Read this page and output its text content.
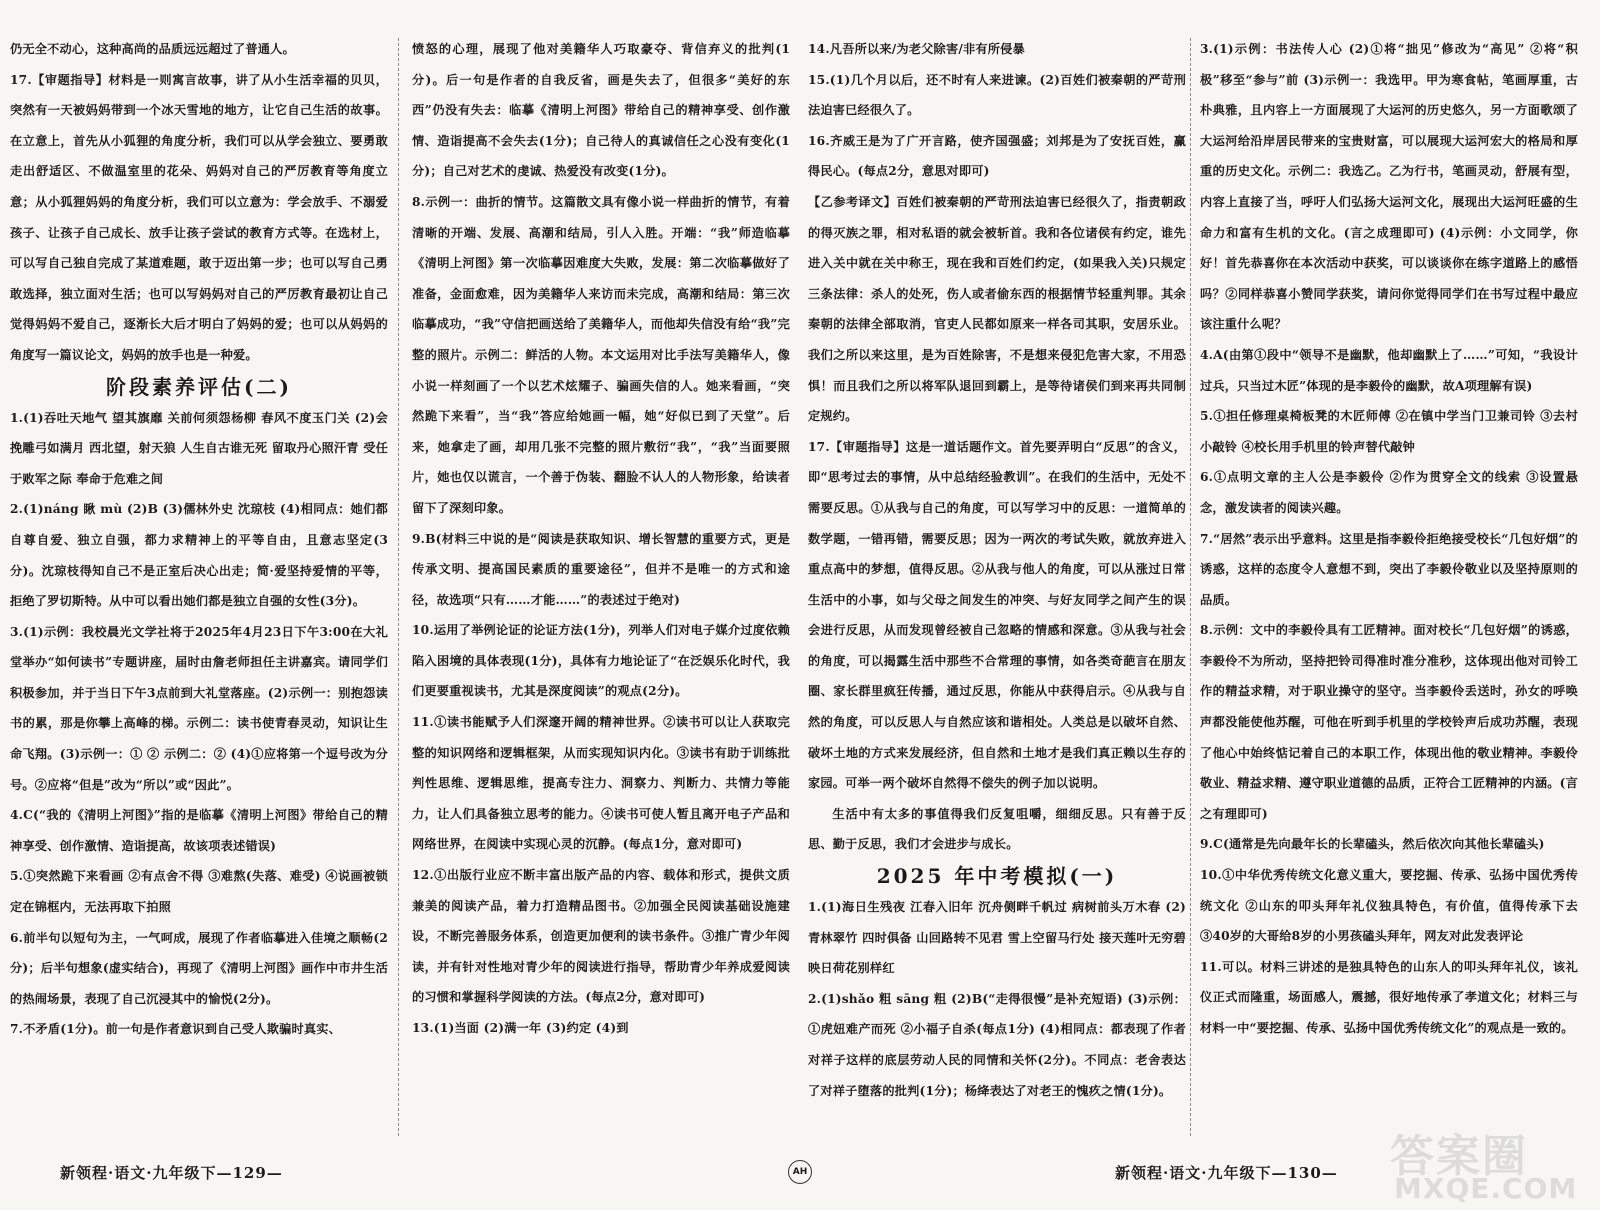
仍无全不动心，这种高尚的品质远远超过了普通人。

17.【审题指导】材料是一则寓言故事，讲了从小生活幸福的贝贝，突然有一天被妈妈带到一个冰天雪地的地方，让它自己生活的故事。在立意上，首先从小狐狸的角度分析，我们可以从学会独立、要勇敢走出舒适区、不做温室里的花朵、妈妈对自己的严厉教育等角度立意；从小狐狸妈妈的角度分析，我们可以立意为：学会放手、不溺爱孩子、让孩子自己成长、放手让孩子尝试的教育方式等。在选材上，可以写自己独自完成了某道难题，敢于迈出第一步；也可以写自己勇敢选择，独立面对生活；也可以写妈妈对自己的严厉教育最初让自己觉得妈妈不爱自己，逐渐长大后才明白了妈妈的爱；也可以从妈妈的角度写一篇议论文，妈妈的放手也是一种爱。

阶段素养评估(二)

1.(1)吞吐天地气 望其旗靡 关前何须怨杨柳 春风不度玉门关 (2)会挽雕弓如满月 西北望，射天狼 人生自古谁无死 留取丹心照汗青 受任于败军之际 奉命于危难之间

2.(1)náng 瞅 mù (2)B (3)儒林外史 沈琼枝 (4)相同点：她们都自尊自爱、独立自强，都力求精神上的平等自由，且意志坚定(3分)。沈琼枝得知自己不是正室后决心出走；简·爱坚持爱情的平等，拒绝了罗切斯特。从中可以看出她们都是独立自强的女性(3分)。

3.(1)示例：我校晨光文学社将于2025年4月23日下午3:00在大礼堂举办“如何读书”专题讲座，届时由詹老师担任主讲嘉宾。请同学们积极参加，并于当日下午3点前到大礼堂落座。(2)示例一：别抱怨读书的累，那是你攀上高峰的梯。示例二：读书使青春灵动，知识让生命飞翔。(3)示例一：① ② 示例二：② (4)①应将第一个逗号改为分号。②应将“但是”改为“所以”或“因此”。

4.C(“我的《清明上河图》”指的是临摹《清明上河图》带给自己的精神享受、创作激情、造诣提高，故该项表述错误)

5.①突然跪下来看画 ②有点舍不得 ③难熬(失落、难受) ④说画被锁定在锦框内，无法再取下拍照

6.前半句以短句为主，一气呵成，展现了作者临摹进入佳境之顺畅(2分)；后半句想象(虚实结合)，再现了《清明上河图》画作中市井生活的热闹场景，表现了自己沉浸其中的愉悦(2分)。

7.不矛盾(1分)。前一句是作者意识到自己受人欺骗时真实、

愤怒的心理，展现了他对美籍华人巧取豪夺、背信弃义的批判(1分)。后一句是作者的自我反省，画是失去了，但很多“美好的东西”仍没有失去：临摹《清明上河图》带给自己的精神享受、创作激情、造诣提高不会失去(1分)；自己待人的真诚信任之心没有变化(1分)；自己对艺术的虔诚、热爱没有改变(1分)。

8.示例一：曲折的情节。这篇散文具有像小说一样曲折的情节，有着清晰的开端、发展、高潮和结局，引人入胜。开端：“我”师造临摹《清明上河图》第一次临摹因难度大失败，发展：第二次临摹做好了准备，金面愈难，因为美籍华人来访而未完成，高潮和结局：第三次临摹成功，“我”守信把画送给了美籍华人，而他却失信没有给“我”完整的照片。示例二：鲜活的人物。本文运用对比手法写美籍华人，像小说一样刻画了一个以艺术炫耀子、骗画失信的人。她来看画，“突然跪下来看”，当“我”答应给她画一幅，她“好似已到了天堂”。后来，她拿走了画，却用几张不完整的照片敷衍“我”，“我”当面要照片，她也仅以谎言，一个善于伪装、翻脸不认人的人物形象，给读者留下了深刻印象。

9.B(材料三中说的是“阅读是获取知识、增长智慧的重要方式，更是传承文明、提高国民素质的重要途径”，但并不是唯一的方式和途径，故选项“只有……才能……”的表述过于绝对)

10.运用了举例论证的论证方法(1分)，列举人们对电子媒介过度依赖陷入困境的具体表现(1分)，具体有力地论证了“在泛娱乐化时代，我们更要重视读书，尤其是深度阅读”的观点(2分)。

11.①读书能赋予人们深邃开阔的精神世界。②读书可以让人获取完整的知识网络和逻辑框架，从而实现知识内化。③读书有助于训练批判性思维、逻辑思维，提高专注力、洞察力、判断力、共情力等能力，让人们具备独立思考的能力。④读书可使人暂且离开电子产品和网络世界，在阅读中实现心灵的沉静。(每点1分，意对即可)

12.①出版行业应不断丰富出版产品的内容、载体和形式，提供文质兼美的阅读产品，着力打造精品图书。②加强全民阅读基础设施建设，不断完善服务体系，创造更加便利的读书条件。③推广青少年阅读，并有针对性地对青少年的阅读进行指导，帮助青少年养成爱阅读的习惯和掌握科学阅读的方法。(每点2分，意对即可)

13.(1)当面 (2)满一年 (3)约定 (4)到

14.凡吾所以来/为老父除害/非有所侵暴

15.(1)几个月以后，还不时有人来进谏。(2)百姓们被秦朝的严苛刑法迫害已经很久了。

16.齐威王是为了广开言路，使齐国强盛；刘邦是为了安抚百姓，赢得民心。(每点2分，意思对即可)

【乙参考译文】百姓们被秦朝的严苛刑法迫害已经很久了，指责朝政的得灭族之罪，相对私语的就会被斩首。我和各位诸侯有约定，谁先进入关中就在关中称王，现在我和百姓们约定，(如果我入关)只规定三条法律：杀人的处死，伤人或者偷东西的根据情节轻重判罪。其余秦朝的法律全部取消，官吏人民都如原来一样各司其职，安居乐业。我们之所以来这里，是为百姓除害，不是想来侵犯危害大家，不用恐惧！而且我们之所以将军队退回到霸上，是等待诸侯们到来再共同制定规约。

17.【审题指导】这是一道话题作文。首先要弄明白“反思”的含义，即“思考过去的事情，从中总结经验教训”。在我们的生活中，无处不需要反思。①从我与自己的角度，可以写学习中的反思：一道简单的数学题，一错再错，需要反思；因为一两次的考试失败，就放弃进入重点高中的梦想，值得反思。②从我与他人的角度，可以从涨过日常生活中的小事，如与父母之间发生的冲突、与好友同学之间产生的误会进行反思，从而发现曾经被自己忽略的情感和深意。③从我与社会的角度，可以揭露生活中那些不合常理的事情，如各类奇葩言在朋友圈、家长群里疯狂传播，通过反思，你能从中获得启示。④从我与自然的角度，可以反思人与自然应该和谐相处。人类总是以破坏自然、破坏土地的方式来发展经济，但自然和土地才是我们真正赖以生存的家园。可举一两个破坏自然得不偿失的例子加以说明。

生活中有太多的事值得我们反复咀嚼，细细反思。只有善于反思、勤于反思，我们才会进步与成长。

2025 年中考模拟(一)

1.(1)海日生残夜 江春入旧年 沉舟侧畔千帆过 病树前头万木春 (2)青林翠竹 四时俱备 山回路转不见君 雪上空留马行处 接天莲叶无穷碧 映日荷花别样红

2.(1)shǎo 粗 sāng 粗 (2)B(“走得很慢”是补充短语) (3)示例：①虎妞难产而死 ②小福子自杀(每点1分) (4)相同点：都表现了作者对祥子这样的底层劳动人民的同情和关怀(2分)。不同点：老舍表达了对祥子堕落的批判(1分)；杨绛表达了对老王的愧疚之情(1分)。

3.(1)示例：书法传人心 (2)①将“拙见”修改为“高见” ②将“积极”移至“参与”前 (3)示例一：我选甲。甲为寒食帖，笔画厚重，古朴典雅，且内容上一方面展现了大运河的历史悠久，另一方面歌颂了大运河给沿岸居民带来的宝贵财富，可以展现大运河宏大的格局和厚重的历史文化。示例二：我选乙。乙为行书，笔画灵动，舒展有型，内容上直接了当，呼吁人们弘扬大运河文化，展现出大运河旺盛的生命力和富有生机的文化。(言之成理即可) (4)示例：小文同学，你好！首先恭喜你在本次活动中获奖，可以谈谈你在练字道路上的感悟吗？②同样恭喜小赞同学获奖，请问你觉得同学们在书写过程中最应该注重什么呢？

4.A(由第①段中“领导不是幽默，他却幽默上了……”可知，“我设计过兵，只当过木匠”体现的是李毅伶的幽默，故A项理解有误)

5.①担任修理桌椅板凳的木匠师傅 ②在镇中学当门卫兼司铃 ③去村小敲铃 ④校长用手机里的铃声替代敲钟

6.①点明文章的主人公是李毅伶 ②作为贯穿全文的线索 ③设置悬念，激发读者的阅读兴趣。

7.“居然”表示出乎意料。这里是指李毅伶拒绝接受校长“几包好烟”的诱惑，这样的态度令人意想不到，突出了李毅伶敬业以及坚持原则的品质。

8.示例：文中的李毅伶具有工匠精神。面对校长“几包好烟”的诱惑，李毅伶不为所动，坚持把铃司得准时准分准秒，这体现出他对司铃工作的精益求精，对于职业操守的坚守。当李毅伶丢送时，孙女的呼唤声都没能使他苏醒，可他在听到手机里的学校铃声后成功苏醒，表现了他心中始终惦记着自己的本职工作，体现出他的敬业精神。李毅伶敬业、精益求精、遵守职业道德的品质，正符合工匠精神的内涵。(言之有理即可)

9.C(通常是先向最年长的长辈磕头，然后依次向其他长辈磕头)

10.①中华优秀传统文化意义重大，要挖掘、传承、弘扬中国优秀传统文化 ②山东的叩头拜年礼仪独具特色，有价值，值得传承下去 ③40岁的大哥给8岁的小男孩磕头拜年，网友对此发表评论

11.可以。材料三讲述的是独具特色的山东人的叩头拜年礼仪，该礼仪正式而隆重，场面感人，震撼，很好地传承了孝道文化；材料三与材料一中“要挖掘、传承、弘扬中国优秀传统文化”的观点是一致的。

新领程·语文·九年级下—129—	AH	新领程·语文·九年级下—130— 答案圈
MXQE.COM
